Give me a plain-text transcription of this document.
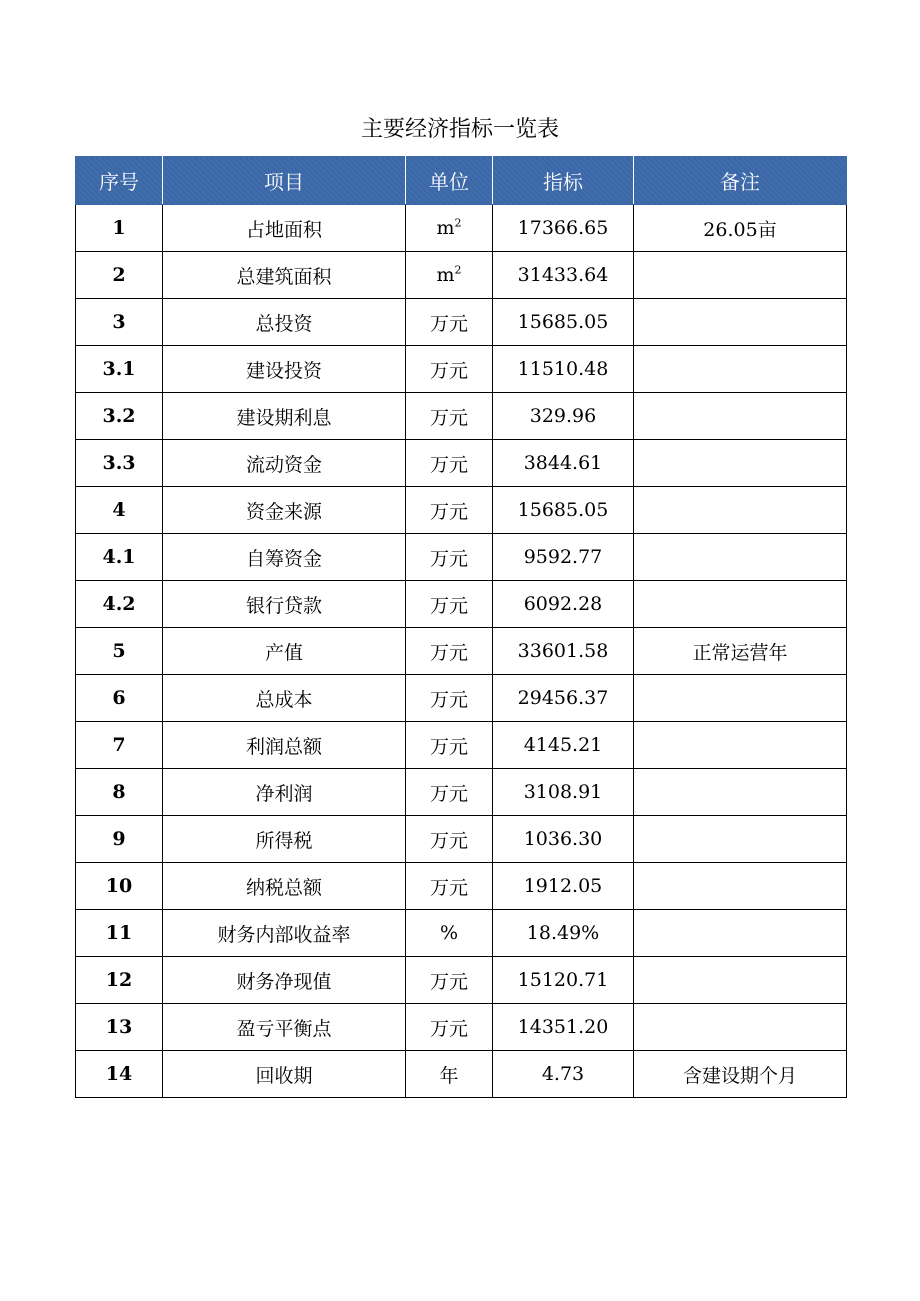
主要经济指标一览表
序号	项目	单位	指标	备注
1	占地面积	$m^2$	17366.65	26.05亩
2	总建筑面积	$m^2$	31433.64	
3	总投资	万元	15685.05	
3.1	建设投资	万元	11510.48	
3.2	建设期利息	万元	329.96	
3.3	流动资金	万元	3844.61	
4	资金来源	万元	15685.05	
4.1	自筹资金	万元	9592.77	
4.2	银行贷款	万元	6092.28	
5	产值	万元	33601.58	正常运营年
6	总成本	万元	29456.37	
7	利润总额	万元	4145.21	
8	净利润	万元	3108.91	
9	所得税	万元	1036.30	
10	纳税总额	万元	1912.05	
11	财务内部收益率	%	18.49%	
12	财务净现值	万元	15120.71	
13	盈亏平衡点	万元	14351.20	
14	回收期	年	4.73	含建设期个月
